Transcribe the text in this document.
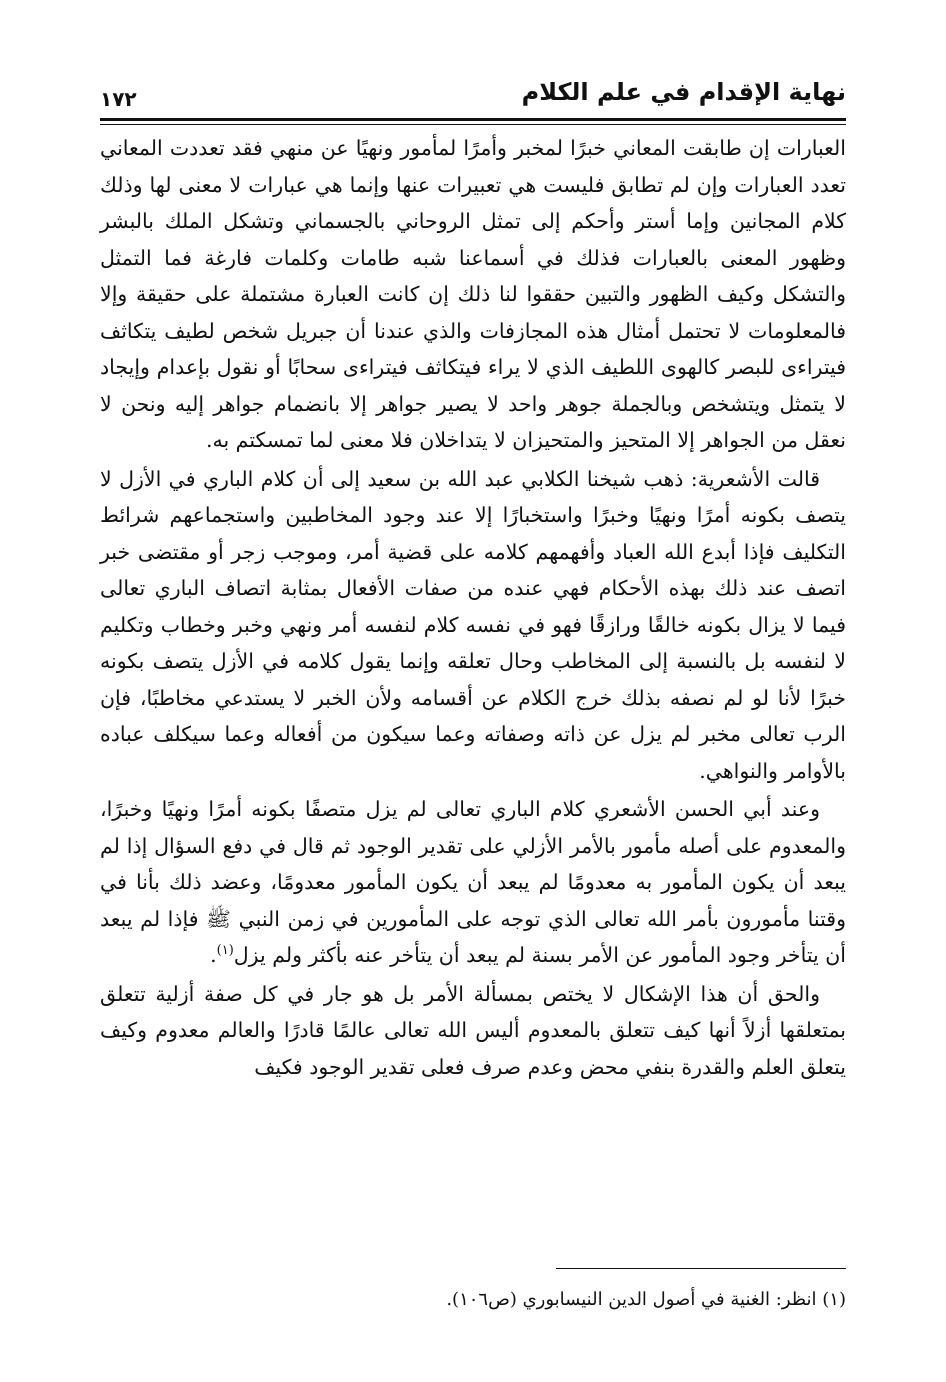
نهاية الإقدام في علم الكلام
١٧٢

العبارات إن طابقت المعاني خبرًا لمخبر وأمرًا لمأمور ونهيًا عن منهي فقد تعددت المعاني تعدد العبارات وإن لم تطابق فليست هي تعبيرات عنها وإنما هي عبارات لا معنى لها وذلك كلام المجانين وإما أستر وأحكم إلى تمثل الروحاني بالجسماني وتشكل الملك بالبشر وظهور المعنى بالعبارات فذلك في أسماعنا شبه طامات وكلمات فارغة فما التمثل والتشكل وكيف الظهور والتبين حققوا لنا ذلك إن كانت العبارة مشتملة على حقيقة وإلا فالمعلومات لا تحتمل أمثال هذه المجازفات والذي عندنا أن جبريل شخص لطيف يتكاثف فيتراءى للبصر كالهوى اللطيف الذي لا يراء فيتكاثف فيتراءى سحابًا أو نقول بإعدام وإيجاد لا يتمثل ويتشخص وبالجملة جوهر واحد لا يصير جواهر إلا بانضمام جواهر إليه ونحن لا نعقل من الجواهر إلا المتحيز والمتحيزان لا يتداخلان فلا معنى لما تمسكتم به.

قالت الأشعرية: ذهب شيخنا الكلابي عبد الله بن سعيد إلى أن كلام الباري في الأزل لا يتصف بكونه أمرًا ونهيًا وخبرًا واستخبارًا إلا عند وجود المخاطبين واستجماعهم شرائط التكليف فإذا أبدع الله العباد وأفهمهم كلامه على قضية أمر، وموجب زجر أو مقتضى خبر اتصف عند ذلك بهذه الأحكام فهي عنده من صفات الأفعال بمثابة اتصاف الباري تعالى فيما لا يزال بكونه خالقًا ورازقًا فهو في نفسه كلام لنفسه أمر ونهي وخبر وخطاب وتكليم لا لنفسه بل بالنسبة إلى المخاطب وحال تعلقه وإنما يقول كلامه في الأزل يتصف بكونه خبرًا لأنا لو لم نصفه بذلك خرج الكلام عن أقسامه ولأن الخبر لا يستدعي مخاطبًا، فإن الرب تعالى مخبر لم يزل عن ذاته وصفاته وعما سيكون من أفعاله وعما سيكلف عباده بالأوامر والنواهي.

وعند أبي الحسن الأشعري كلام الباري تعالى لم يزل متصفًا بكونه أمرًا ونهيًا وخبرًا، والمعدوم على أصله مأمور بالأمر الأزلي على تقدير الوجود ثم قال في دفع السؤال إذا لم يبعد أن يكون المأمور به معدومًا لم يبعد أن يكون المأمور معدومًا، وعضد ذلك بأنا في وقتنا مأمورون بأمر الله تعالى الذي توجه على المأمورين في زمن النبي ﷺ فإذا لم يبعد أن يتأخر وجود المأمور عن الأمر بسنة لم يبعد أن يتأخر عنه بأكثر ولم يزل$^{(١)}$.

والحق أن هذا الإشكال لا يختص بمسألة الأمر بل هو جار في كل صفة أزلية تتعلق بمتعلقها أزلاً أنها كيف تتعلق بالمعدوم أليس الله تعالى عالمًا قادرًا والعالم معدوم وكيف يتعلق العلم والقدرة بنفي محض وعدم صرف فعلى تقدير الوجود فكيف

(١) انظر: الغنية في أصول الدين النيسابوري (ص١٠٦).
